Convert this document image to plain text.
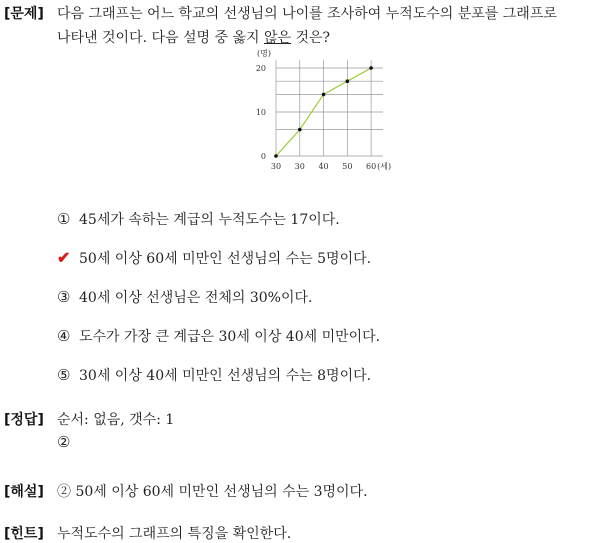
[문제] 다음 그래프는 어느 학교의 선생님의 나이를 조사하여 누적도수의 분포를 그래프로
나타낸 것이다. 다음 설명 중 옳지 않은 것은?
0
10
20
(명)
30 30 40 50 60 (세)
① 45세가 속하는 계급의 누적도수는 17이다.
✔ 50세 이상 60세 미만인 선생님의 수는 5명이다.
③ 40세 이상 선생님은 전체의 30%이다.
④ 도수가 가장 큰 계급은 30세 이상 40세 미만이다.
⑤ 30세 이상 40세 미만인 선생님의 수는 8명이다.
[정답] 순서: 없음, 갯수: 1
②
[해설] ② 50세 이상 60세 미만인 선생님의 수는 3명이다.
[힌트] 누적도수의 그래프의 특징을 확인한다.
